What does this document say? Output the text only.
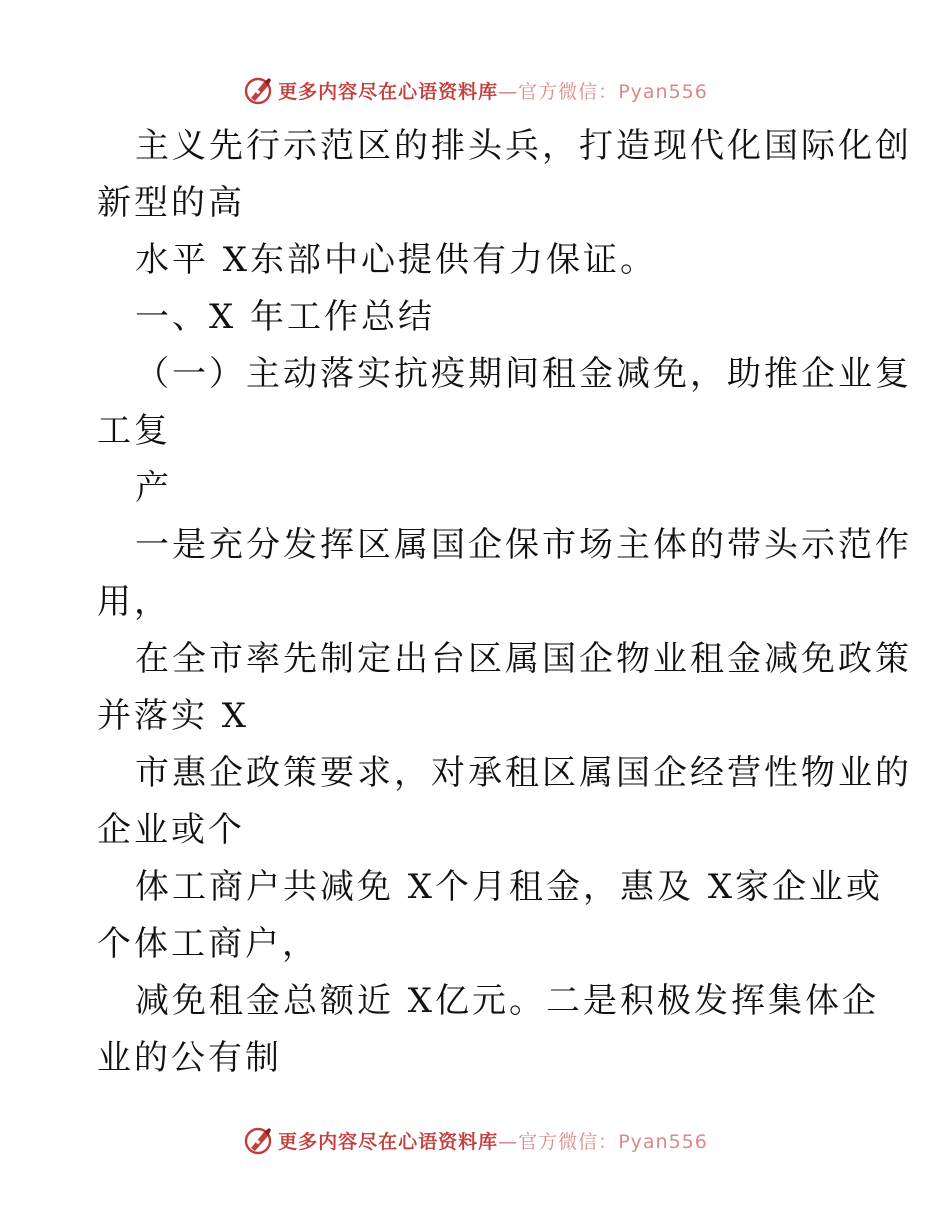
更多内容尽在心语资料库—官方微信：Pyan556
主义先行示范区的排头兵，打造现代化国际化创
新型的高
水平 X东部中心提供有力保证。
一、X 年工作总结
（一）主动落实抗疫期间租金减免，助推企业复
工复
产
一是充分发挥区属国企保市场主体的带头示范作
用，
在全市率先制定出台区属国企物业租金减免政策
并落实 X
市惠企政策要求，对承租区属国企经营性物业的
企业或个
体工商户共减免 X个月租金，惠及 X家企业或
个体工商户，
减免租金总额近 X亿元。二是积极发挥集体企
业的公有制
更多内容尽在心语资料库—官方微信：Pyan556
